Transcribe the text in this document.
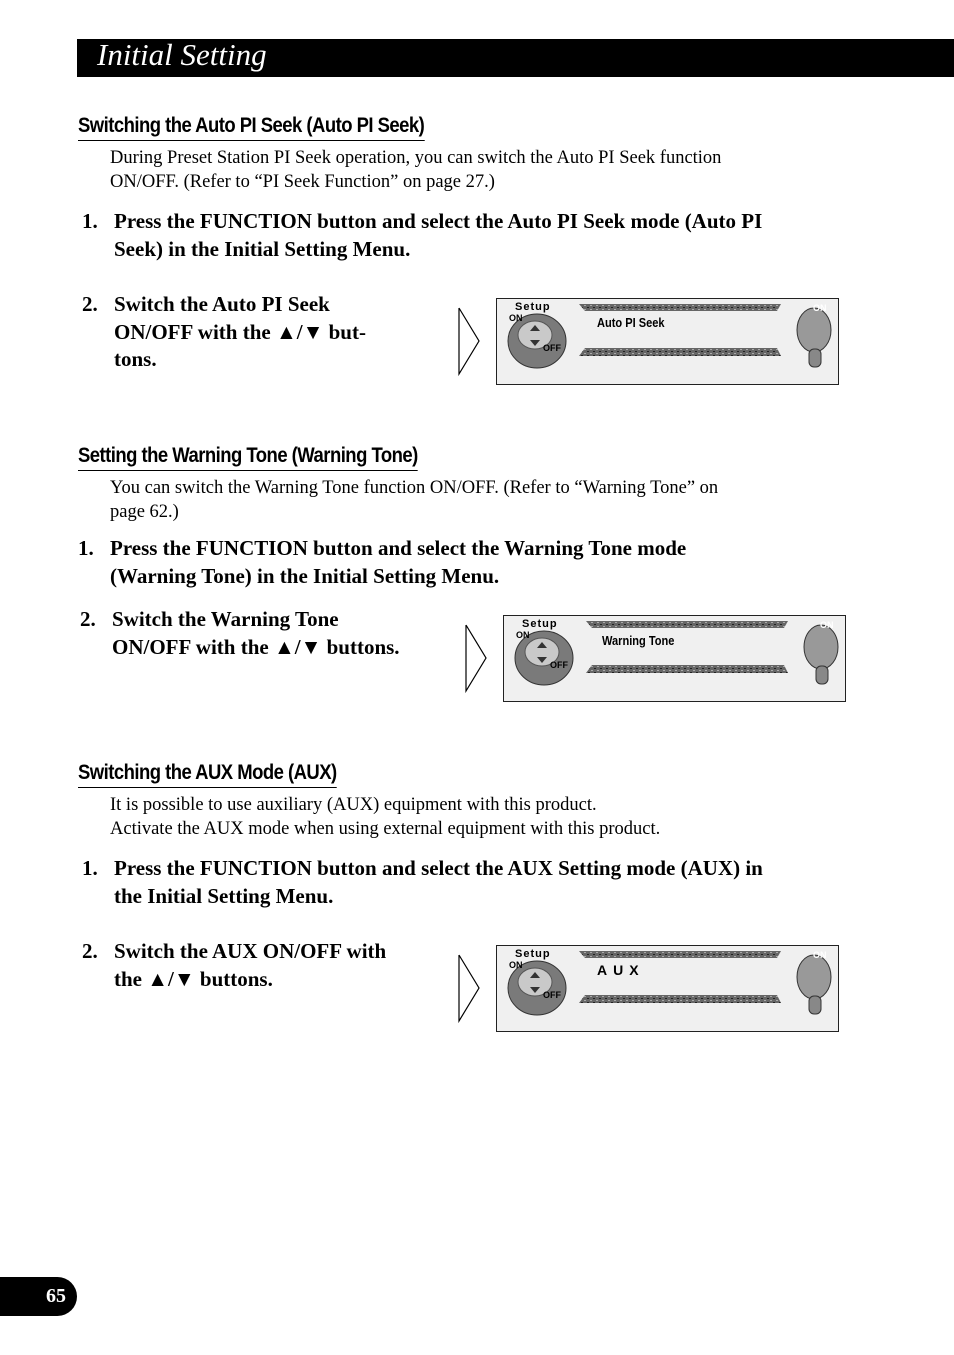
Initial Setting
Switching the Auto PI Seek (Auto PI Seek)
During Preset Station PI Seek operation, you can switch the Auto PI Seek function
ON/OFF. (Refer to “PI Seek Function” on page 27.)
1. Press the FUNCTION button and select the Auto PI Seek mode (Auto PI
Seek) in the Initial Setting Menu.
2. Switch the Auto PI Seek
ON/OFF with the ▲/▼ but-
tons.
Setup
ON
OFF
ON
Auto PI Seek
Setting the Warning Tone (Warning Tone)
You can switch the Warning Tone function ON/OFF. (Refer to “Warning Tone” on
page 62.)
1. Press the FUNCTION button and select the Warning Tone mode
(Warning Tone) in the Initial Setting Menu.
2. Switch the Warning Tone
ON/OFF with the ▲/▼ buttons.
Setup
ON
OFF
ON
Warning Tone
Switching the AUX Mode (AUX)
It is possible to use auxiliary (AUX) equipment with this product.
Activate the AUX mode when using external equipment with this product.
1. Press the FUNCTION button and select the AUX Setting mode (AUX) in
the Initial Setting Menu.
2. Switch the AUX ON/OFF with
the ▲/▼ buttons.
Setup
ON
OFF
ON
AUX
65
